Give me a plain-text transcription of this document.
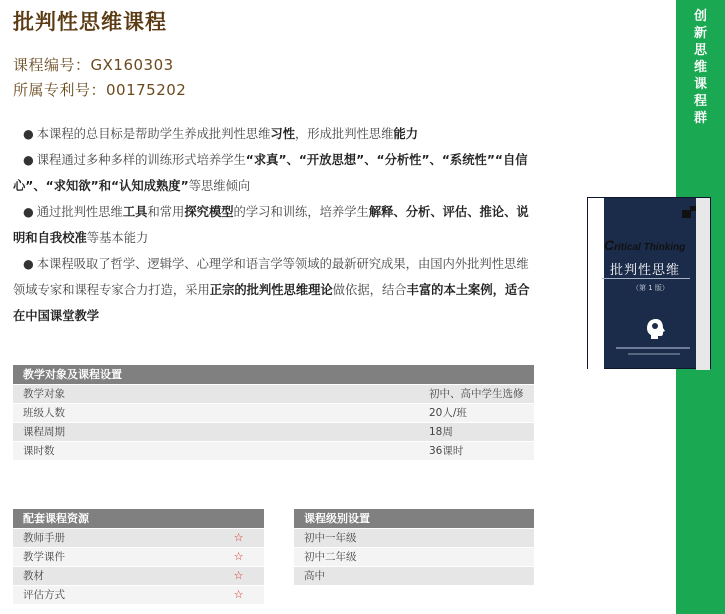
批判性思维课程
课程编号：GX160303
所属专利号：00175202
● 本课程的总目标是帮助学生养成批判性思维习性，形成批判性思维能力
● 课程通过多种多样的训练形式培养学生“求真”、“开放思想”、“分析性”、“系统性”“自信心”、“求知欲”和“认知成熟度”等思维倾向
● 通过批判性思维工具和常用探究模型的学习和训练，培养学生解释、分析、评估、推论、说明和自我校准等基本能力
● 本课程吸取了哲学、逻辑学、心理学和语言学等领域的最新研究成果，由国内外批判性思维领域专家和课程专家合力打造，采用正宗的批判性思维理论做依据，结合丰富的本土案例，适合在中国课堂教学
创
新
思
维
课
程
群
Critical Thinking
批判性思维
（第 1 版）
教学对象及课程设置	
教学对象	初中、高中学生选修
班级人数	20人/班
课程周期	18周
课时数	36课时
配套课程资源	
教师手册	☆
教学课件	☆
教材	☆
评估方式	☆
课程级别设置
初中一年级
初中二年级
高中
